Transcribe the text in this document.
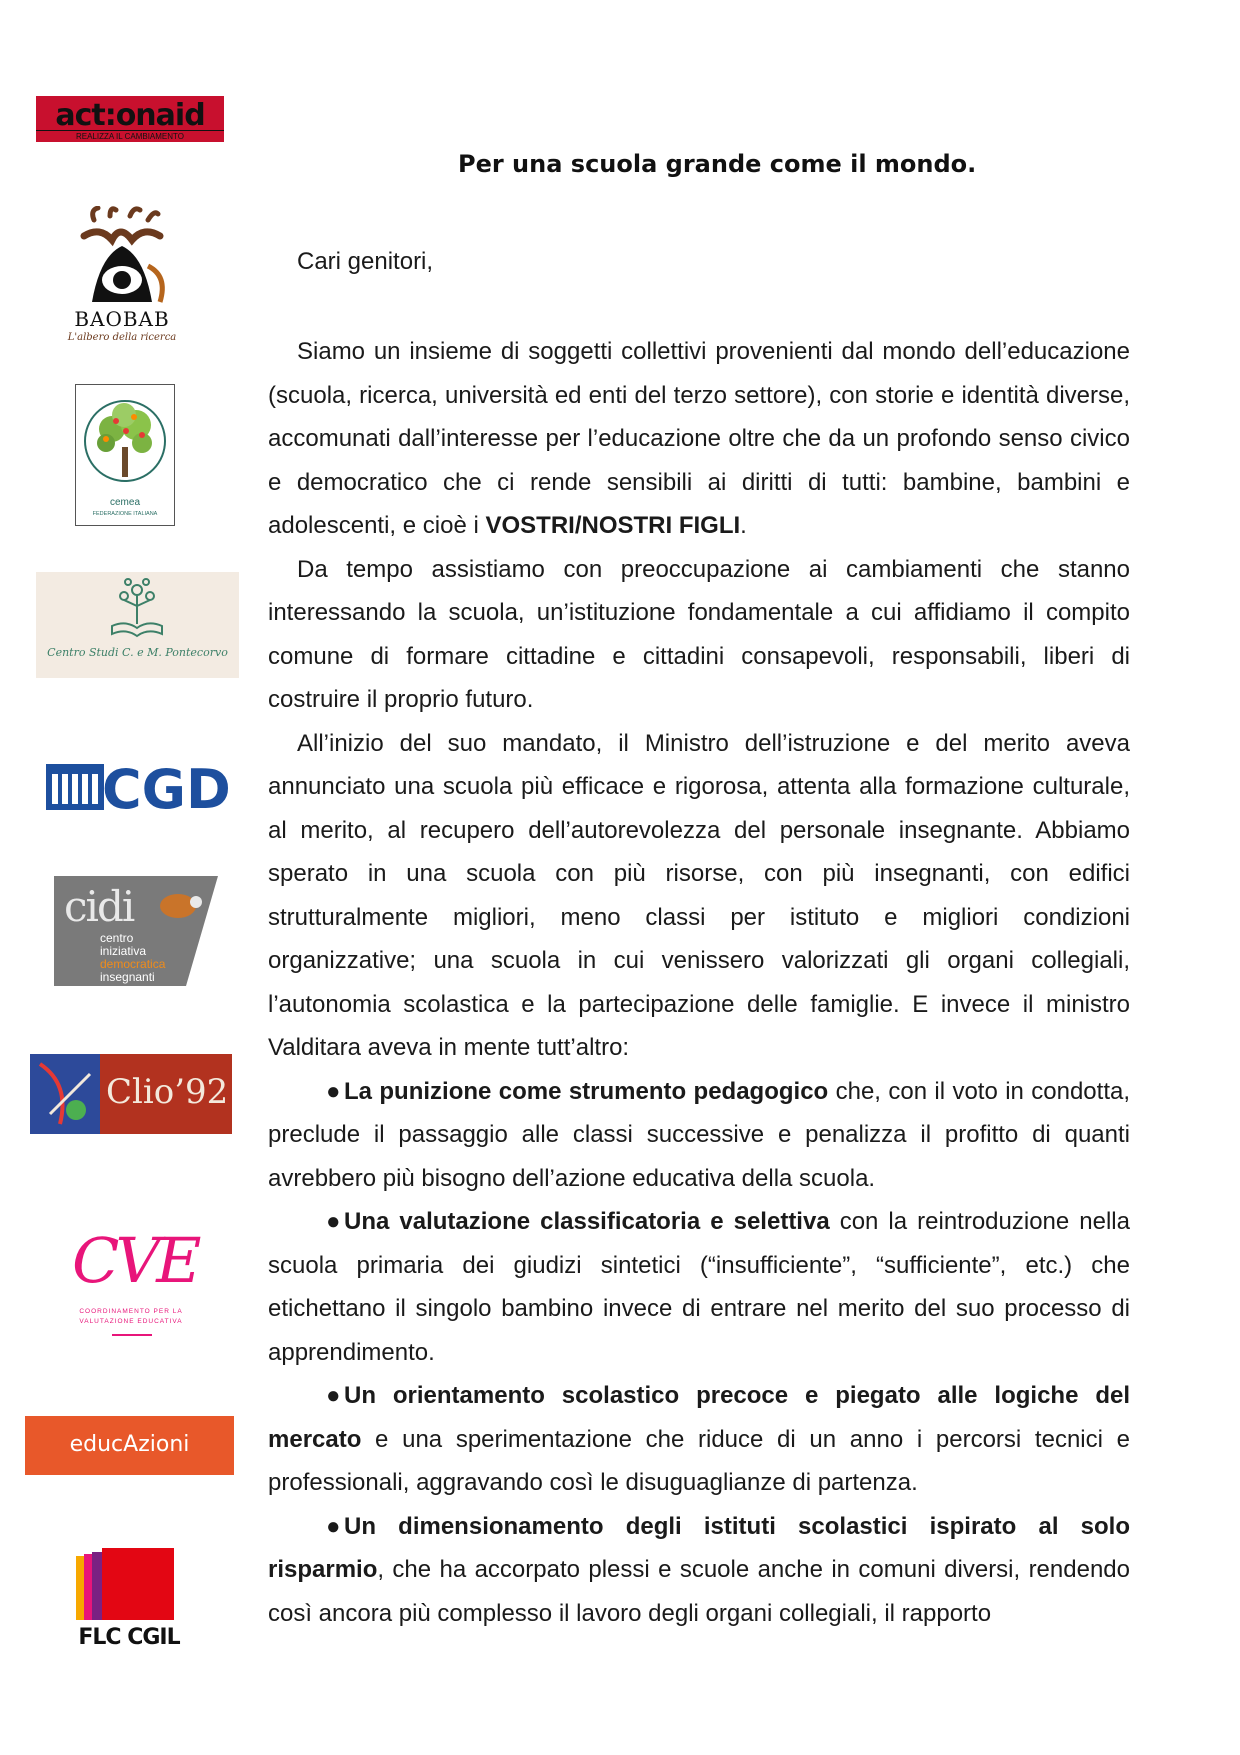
act:onaid
REALIZZA IL CAMBIAMENTO
BAOBAB
L'albero della ricerca
cemea
FEDERAZIONE ITALIANA
Centro Studi C. e M. Pontecorvo
CGD
cidi
centro
iniziativa
democratica
insegnanti
Clio’92
CVE
COORDINAMENTO PER LA
VALUTAZIONE EDUCATIVA
educAzioni
FLC CGIL
Per una scuola grande come il mondo.
Cari genitori,

Siamo un insieme di soggetti collettivi provenienti dal mondo dell’educazione (scuola, ricerca, università ed enti del terzo settore), con storie e identità diverse, accomunati dall’interesse per l’educazione oltre che da un profondo senso civico e democratico che ci rende sensibili ai diritti di tutti: bambine, bambini e adolescenti, e cioè i VOSTRI/NOSTRI FIGLI.

Da tempo assistiamo con preoccupazione ai cambiamenti che stanno interessando la scuola, un’istituzione fondamentale a cui affidiamo il compito comune di formare cittadine e cittadini consapevoli, responsabili, liberi di costruire il proprio futuro.

All’inizio del suo mandato, il Ministro dell’istruzione e del merito aveva annunciato una scuola più efficace e rigorosa, attenta alla formazione culturale, al merito, al recupero dell’autorevolezza del personale insegnante. Abbiamo sperato in una scuola con più risorse, con più insegnanti, con edifici strutturalmente migliori, meno classi per istituto e migliori condizioni organizzative; una scuola in cui venissero valorizzati gli organi collegiali, l’autonomia scolastica e la partecipazione delle famiglie. E invece il ministro Valditara aveva in mente tutt’altro:

● La punizione come strumento pedagogico che, con il voto in condotta, preclude il passaggio alle classi successive e penalizza il profitto di quanti avrebbero più bisogno dell’azione educativa della scuola.

● Una valutazione classificatoria e selettiva con la reintroduzione nella scuola primaria dei giudizi sintetici (“insufficiente”, “sufficiente”, etc.) che etichettano il singolo bambino invece di entrare nel merito del suo processo di apprendimento.

● Un orientamento scolastico precoce e piegato alle logiche del mercato e una sperimentazione che riduce di un anno i percorsi tecnici e professionali, aggravando così le disuguaglianze di partenza.

● Un dimensionamento degli istituti scolastici ispirato al solo risparmio, che ha accorpato plessi e scuole anche in comuni diversi, rendendo così ancora più complesso il lavoro degli organi collegiali, il rapporto
